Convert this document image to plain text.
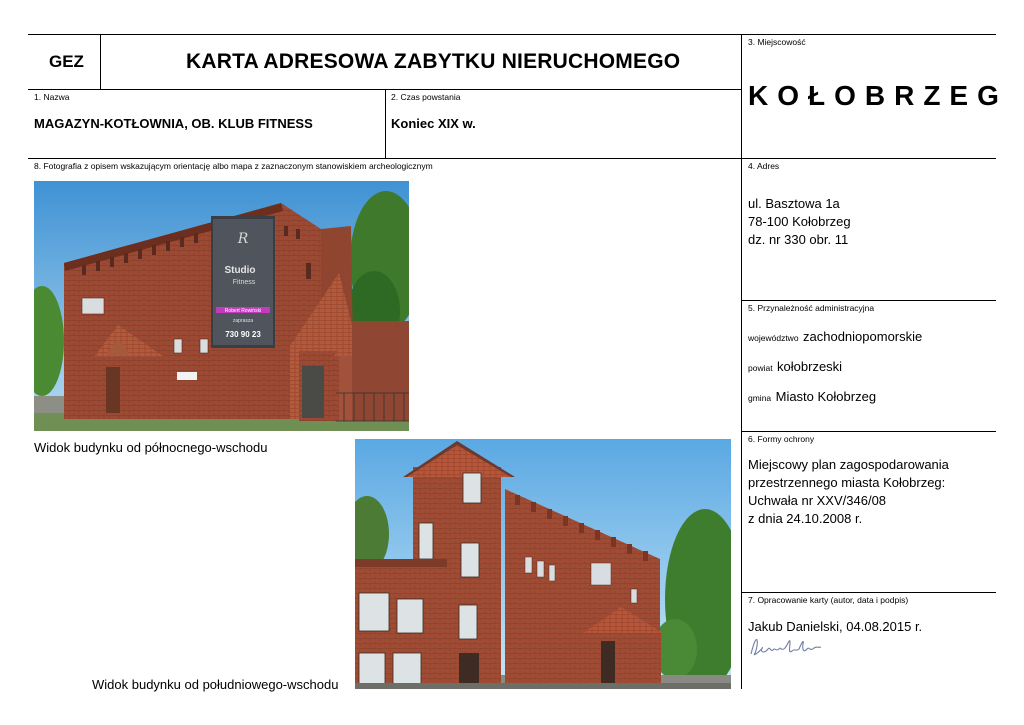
GEZ	KARTA ADRESOWA ZABYTKU NIERUCHOMEGO
3. Miejscowość
KOŁOBRZEG
1. Nazwa
MAGAZYN-KOTŁOWNIA, OB. KLUB FITNESS
2. Czas powstania
Koniec XIX w.
8. Fotografia z opisem wskazującym orientację albo mapa z zaznaczonym stanowiskiem archeologicznym	4. Adres
ul. Basztowa 1a
78-100 Kołobrzeg
dz. nr 330 obr. 11
5. Przynależność administracyjna
województwo zachodniopomorskie
powiat kołobrzeski
gmina Miasto Kołobrzeg
6. Formy ochrony
Miejscowy plan zagospodarowania
przestrzennego miasta Kołobrzeg:
Uchwała nr XXV/346/08
z dnia 24.10.2008 r.
7. Opracowanie karty (autor, data i podpis)
Jakub Danielski, 04.08.2015 r.
R
Studio
Fitness
Robert Rowiński
zaprasza
730 90 23
Widok budynku od północnego-wschodu
Widok budynku od południowego-wschodu
